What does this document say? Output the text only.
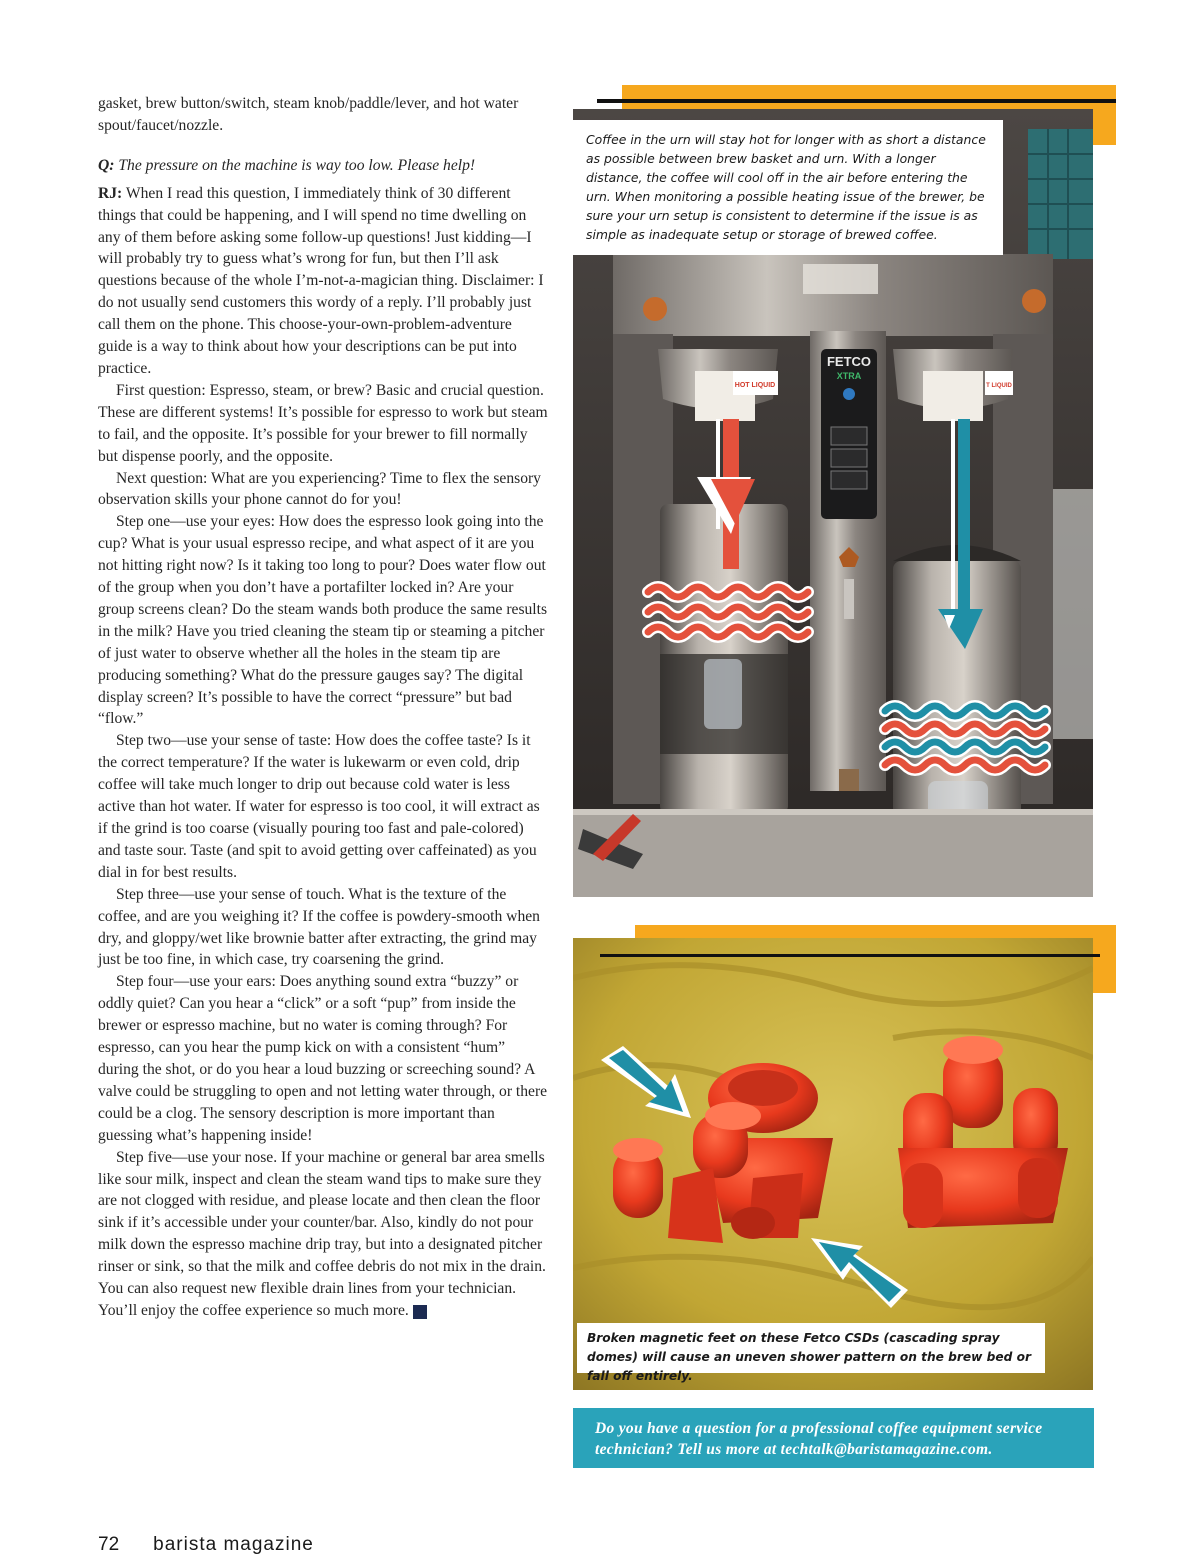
gasket, brew button/switch, steam knob/paddle/lever, and hot water spout/faucet/nozzle.

Q: The pressure on the machine is way too low. Please help!

RJ: When I read this question, I immediately think of 30 different things that could be happening, and I will spend no time dwelling on any of them before asking some follow-up questions! Just kidding—I will probably try to guess what’s wrong for fun, but then I’ll ask questions because of the whole I’m-not-a-magician thing. Disclaimer: I do not usually send customers this wordy of a reply. I’ll probably just call them on the phone. This choose-your-own-problem-adventure guide is a way to think about how your descriptions can be put into practice.

First question: Espresso, steam, or brew? Basic and crucial question. These are different systems! It’s possible for espresso to work but steam to fail, and the opposite. It’s possible for your brewer to fill normally but dispense poorly, and the opposite.

Next question: What are you experiencing? Time to flex the sensory observation skills your phone cannot do for you!

Step one—use your eyes: How does the espresso look going into the cup? What is your usual espresso recipe, and what aspect of it are you not hitting right now? Is it taking too long to pour? Does water flow out of the group when you don’t have a portafilter locked in? Are your group screens clean? Do the steam wands both produce the same results in the milk? Have you tried cleaning the steam tip or steaming a pitcher of just water to observe whether all the holes in the steam tip are producing something? What do the pressure gauges say? The digital display screen? It’s possible to have the correct “pressure” but bad “flow.”

Step two—use your sense of taste: How does the coffee taste? Is it the correct temperature? If the water is lukewarm or even cold, drip coffee will take much longer to drip out because cold water is less active than hot water. If water for espresso is too cool, it will extract as if the grind is too coarse (visually pouring too fast and pale-colored) and taste sour. Taste (and spit to avoid getting over caffeinated) as you dial in for best results.

Step three—use your sense of touch. What is the texture of the coffee, and are you weighing it? If the coffee is powdery-smooth when dry, and gloppy/wet like brownie batter after extracting, the grind may just be too fine, in which case, try coarsening the grind.

Step four—use your ears: Does anything sound extra “buzzy” or oddly quiet? Can you hear a “click” or a soft “pup” from inside the brewer or espresso machine, but no water is coming through? For espresso, can you hear the pump kick on with a consistent “hum” during the shot, or do you hear a loud buzzing or screeching sound? A valve could be struggling to open and not letting water through, or there could be a clog. The sensory description is more important than guessing what’s happening inside!

Step five—use your nose. If your machine or general bar area smells like sour milk, inspect and clean the steam wand tips to make sure they are not clogged with residue, and please locate and then clean the floor sink if it’s accessible under your counter/bar. Also, kindly do not pour milk down the espresso machine drip tray, but into a designated pitcher rinser or sink, so that the milk and coffee debris do not mix in the drain. You can also request new flexible drain lines from your technician. You’ll enjoy the coffee experience so much more. b

FETCO
XTRA
HOT LIQUID	T LIQUID
Coffee in the urn will stay hot for longer with as short a distance as possible between brew basket and urn. With a longer distance, the coffee will cool off in the air before entering the urn. When monitoring a possible heating issue of the brewer, be sure your urn setup is consistent to determine if the issue is as simple as inadequate setup or storage of brewed coffee.
Broken magnetic feet on these Fetco CSDs (cascading spray domes) will cause an uneven shower pattern on the brew bed or fall off entirely.
Do you have a question for a professional coffee equipment service technician? Tell us more at techtalk@baristamagazine.com.
72 barista magazine
